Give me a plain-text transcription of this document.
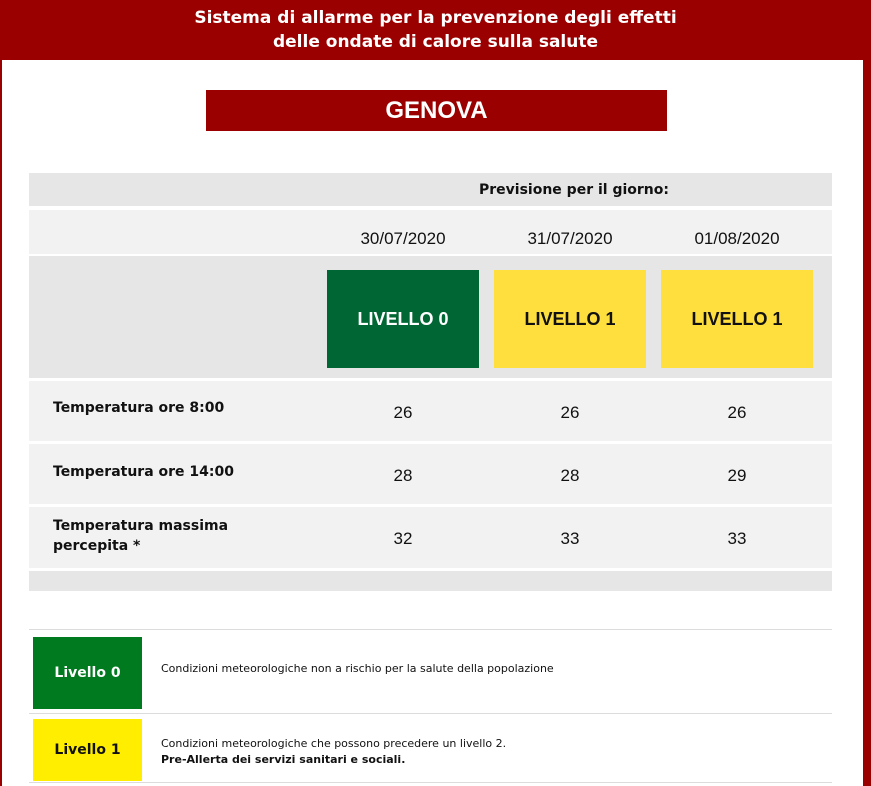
Sistema di allarme per la prevenzione degli effetti
delle ondate di calore sulla salute
GENOVA
Previsione per il giorno:
30/07/2020	31/07/2020	01/08/2020
LIVELLO 0	LIVELLO 1	LIVELLO 1
Temperatura ore 8:00	26	26	26
Temperatura ore 14:00	28	28	29
Temperatura massima
percepita *	32	33	33
Livello 0	Condizioni meteorologiche non a rischio per la salute della popolazione
Livello 1	Condizioni meteorologiche che possono precedere un livello 2.
Pre-Allerta dei servizi sanitari e sociali.
